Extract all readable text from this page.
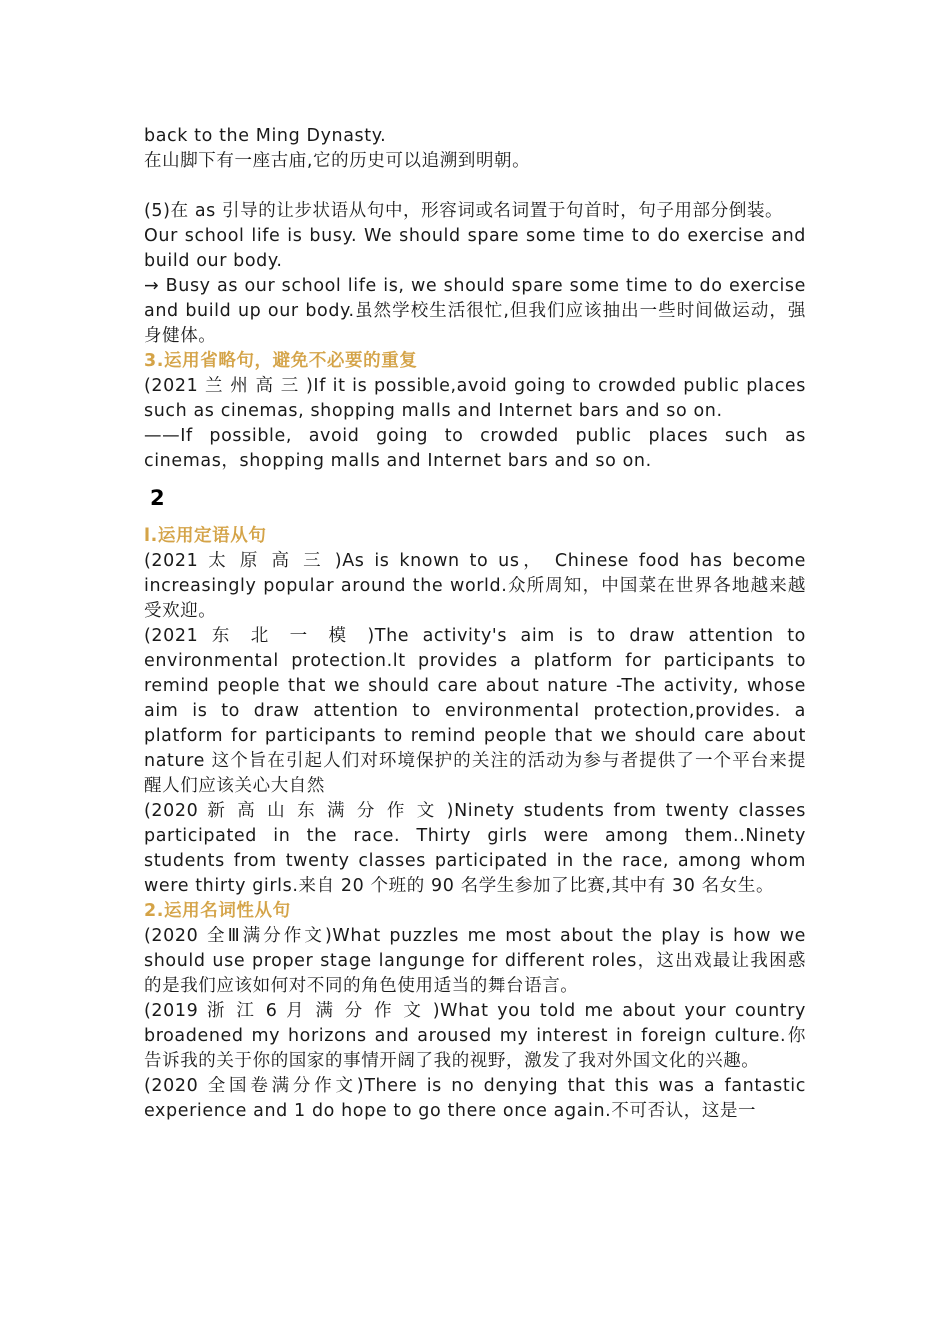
back to the Ming Dynasty.

在山脚下有一座古庙,它的历史可以追溯到明朝。

(5)在 as 引导的让步状语从句中，形容词或名词置于句首时，句子用部分倒装。

Our school life is busy. We should spare some time to do exercise and build our body.

→ Busy as our school life is, we should spare some time to do exercise and build up our body.虽然学校生活很忙,但我们应该抽出一些时间做运动，强身健体。

3.运用省略句，避免不必要的重复

(2021 兰 州 高 三 )If it is possible,avoid going to crowded public places such as cinemas, shopping malls and Internet bars and so on.

——If possible, avoid going to crowded public places such as cinemas，shopping malls and Internet bars and so on.

2

l.运用定语从句

(2021 太 原 高 三 )As is known to us， Chinese food has become increasingly popular around the world.众所周知，中国菜在世界各地越来越受欢迎。

(2021 东 北 一 模 )The activity's aim is to draw attention to environmental protection.lt provides a platform for participants to remind people that we should care about nature -The activity, whose aim is to draw attention to environmental protection,provides. a platform for participants to remind people that we should care about nature 这个旨在引起人们对环境保护的关注的活动为参与者提供了一个平台来提醒人们应该关心大自然

(2020 新 高 山 东 满 分 作 文 )Ninety students from twenty classes participated in the race. Thirty girls were among them..Ninety students from twenty classes participated in the race, among whom were thirty girls.来自 20 个班的 90 名学生参加了比赛,其中有 30 名女生。

2.运用名词性从句

(2020 全Ⅲ满分作文)What puzzles me most about the play is how we should use proper stage langunge for different roles，这出戏最让我困惑的是我们应该如何对不同的角色使用适当的舞台语言。

(2019 浙 江 6 月 满 分 作 文 )What you told me about your country broadened my horizons and aroused my interest in foreign culture.你告诉我的关于你的国家的事情开阔了我的视野，激发了我对外国文化的兴趣。

(2020 全国卷满分作文)There is no denying that this was a fantastic experience and 1 do hope to go there once again.不可否认，这是一
